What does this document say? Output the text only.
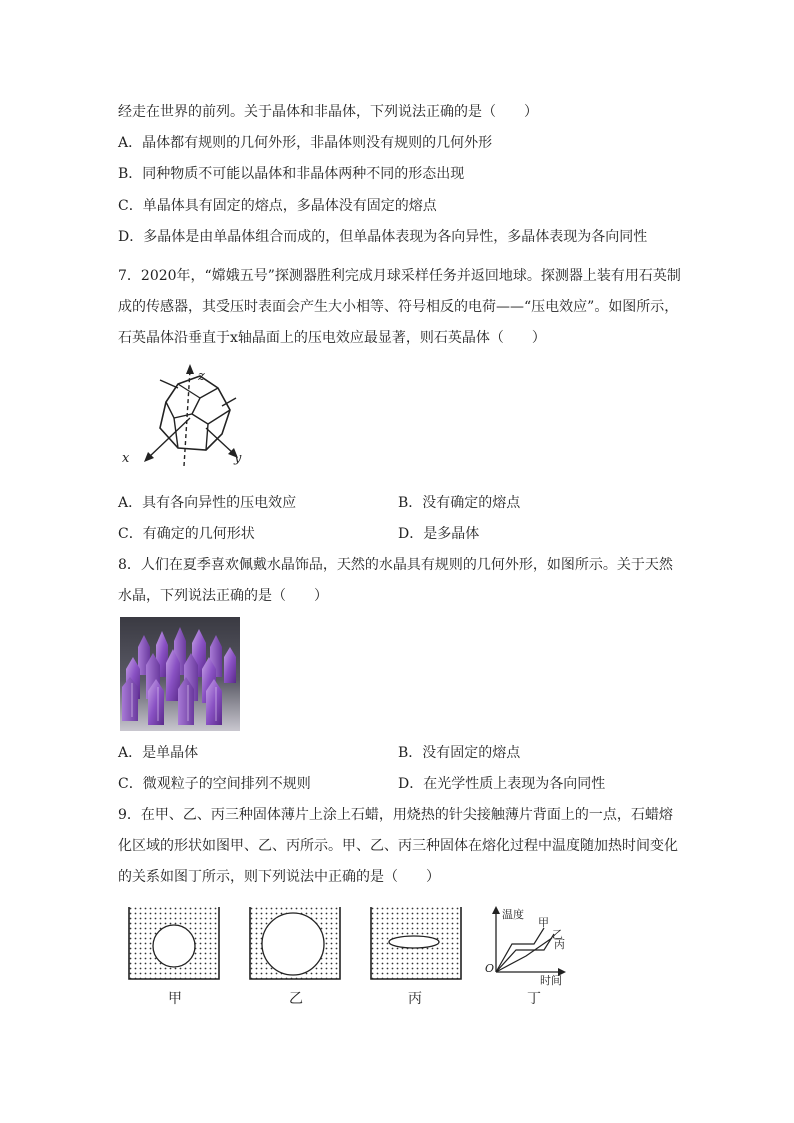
经走在世界的前列。关于晶体和非晶体，下列说法正确的是（　　）
A．晶体都有规则的几何外形，非晶体则没有规则的几何外形
B．同种物质不可能以晶体和非晶体两种不同的形态出现
C．单晶体具有固定的熔点，多晶体没有固定的熔点
D．多晶体是由单晶体组合而成的，但单晶体表现为各向异性，多晶体表现为各向同性
7．2020年，“嫦娥五号”探测器胜利完成月球采样任务并返回地球。探测器上装有用石英制
成的传感器，其受压时表面会产生大小相等、符号相反的电荷——“压电效应”。如图所示，
石英晶体沿垂直于x轴晶面上的压电效应最显著，则石英晶体（　　）
z
x	y
A．具有各向异性的压电效应	B．没有确定的熔点
C．有确定的几何形状	D．是多晶体
8．人们在夏季喜欢佩戴水晶饰品，天然的水晶具有规则的几何外形，如图所示。关于天然
水晶，下列说法正确的是（　　）
A．是单晶体	B．没有固定的熔点
C．微观粒子的空间排列不规则	D．在光学性质上表现为各向同性
9．在甲、乙、丙三种固体薄片上涂上石蜡，用烧热的针尖接触薄片背面上的一点，石蜡熔
化区域的形状如图甲、乙、丙所示。甲、乙、丙三种固体在熔化过程中温度随加热时间变化
的关系如图丁所示，则下列说法中正确的是（　　）
温度
时间
O
甲
乙
丙
甲	乙	丙	丁
